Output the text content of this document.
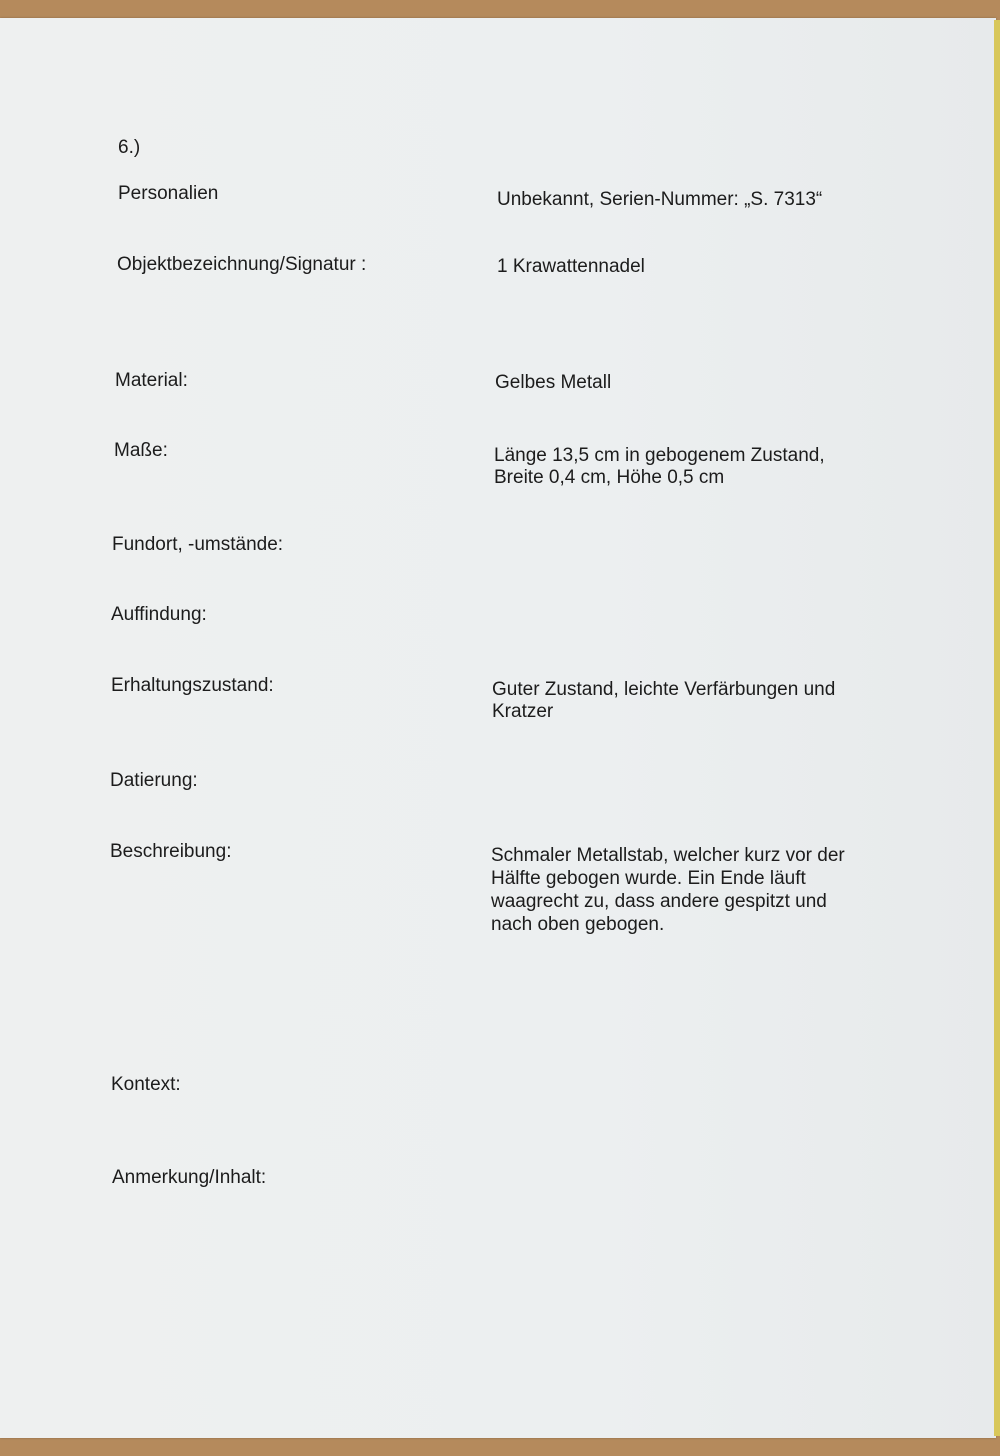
6.)
Personalien	Unbekannt, Serien-Nummer: „S. 7313“
Objektbezeichnung/Signatur :	1 Krawattennadel
Material:	Gelbes Metall
Maße:	Länge 13,5 cm in gebogenem Zustand,
Breite 0,4 cm, Höhe 0,5 cm
Fundort, -umstände:
Auffindung:
Erhaltungszustand:	Guter Zustand, leichte Verfärbungen und
Kratzer
Datierung:
Beschreibung:	Schmaler Metallstab, welcher kurz vor der
Hälfte gebogen wurde. Ein Ende läuft
waagrecht zu, dass andere gespitzt und
nach oben gebogen.
Kontext:
Anmerkung/Inhalt:
